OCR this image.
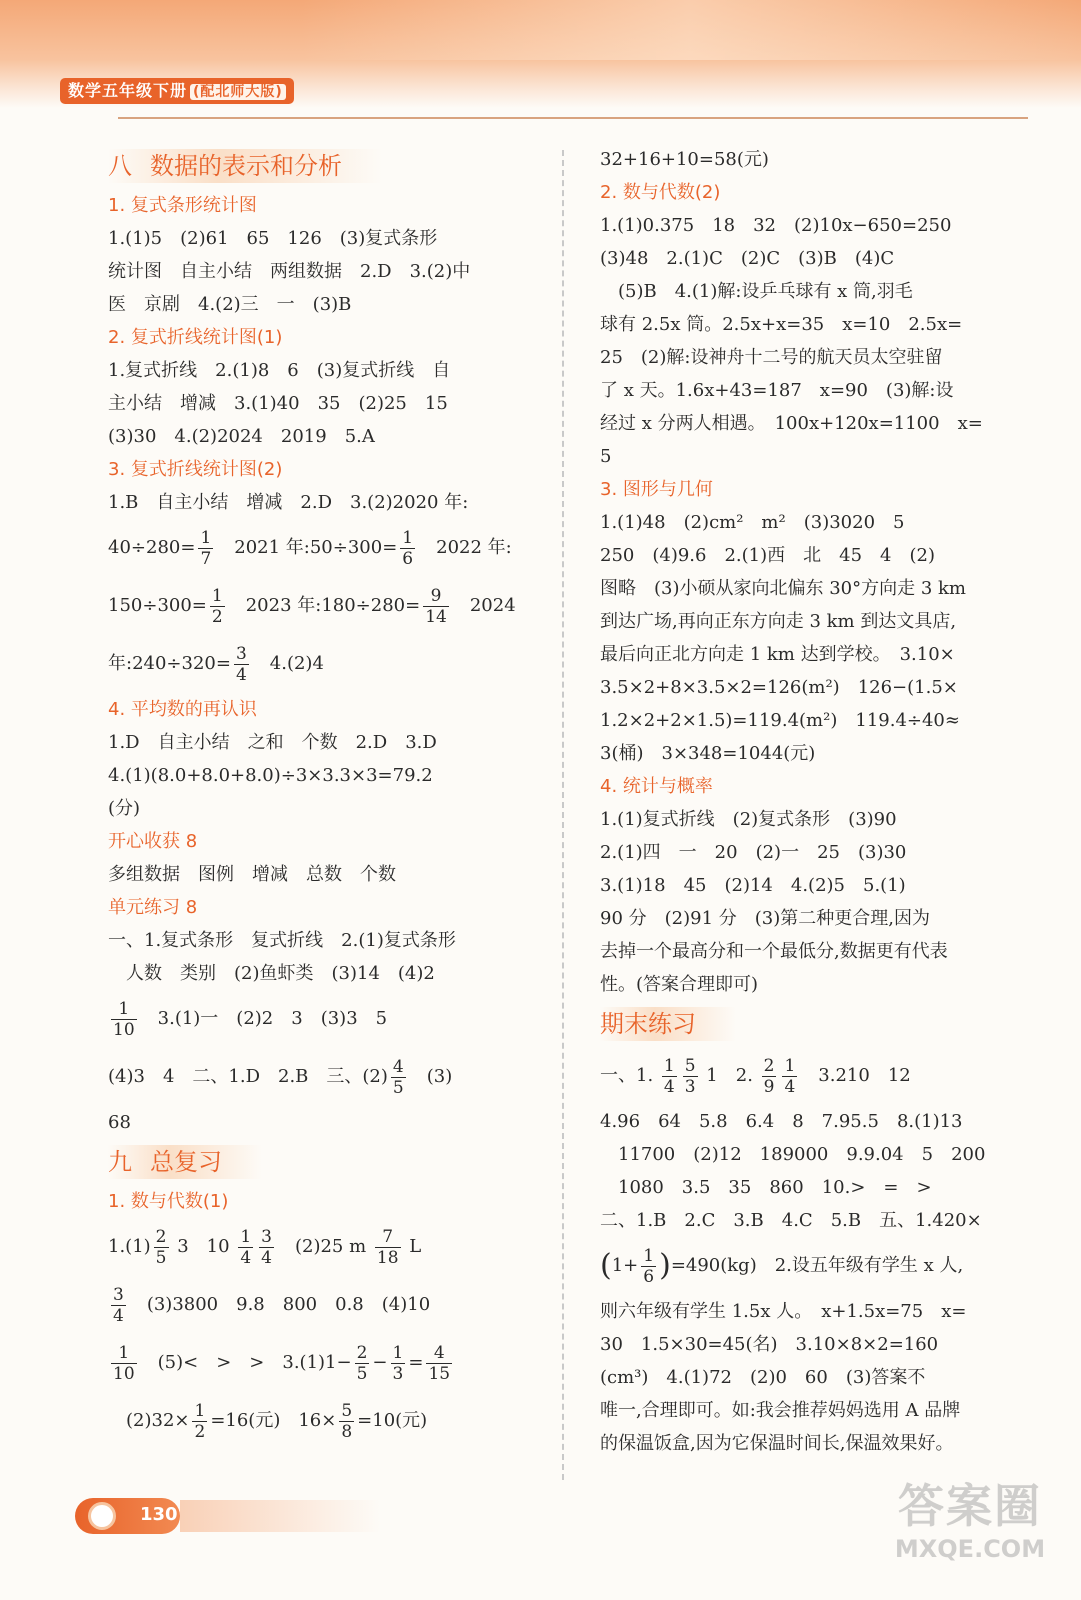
数学五年级下册 (配北师大版)
八 数据的表示和分析
1. 复式条形统计图
1.(1)5　(2)61　65　126　(3)复式条形
统计图　自主小结　两组数据　2.D　3.(2)中
医　京剧　4.(2)三　一　(3)B
2. 复式折线统计图(1)
1.复式折线　2.(1)8　6　(3)复式折线　自
主小结　增减　3.(1)40　35　(2)25　15
(3)30　4.(2)2024　2019　5.A
3. 复式折线统计图(2)
1.B　自主小结　增减　2.D　3.(2)2020 年:
$40\div 280= \frac{1}{7}$ 　2021 年:50÷300= $\frac{1}{6}$ 　2022 年:
$150\div 300= \frac{1}{2}$ 　2023 年:180÷280= $\frac{9}{14}$ 　2024
年:240÷320= $\frac{3}{4}$ 　4.(2)4
4. 平均数的再认识
1.D　自主小结　之和　个数　2.D　3.D
4.(1)(8.0+8.0+8.0)÷3×3.3×3=79.2
(分)
开心收获 8
多组数据　图例　增减　总数　个数
单元练习 8
一、1.复式条形　复式折线　2.(1)复式条形
　人数　类别　(2)鱼虾类　(3)14　(4)2
$\frac{1}{10}$ 　3.(1)一　(2)2　3　(3)3　5
(4)3　4　二、1.D　2.B　三、$(2) \frac{4}{5}$ 　(3)
68
九 总复习
1. 数与代数(1)
$1.(1) \frac{2}{5} 3$　$10 \frac{1}{4} \frac{3}{4}$ 　(2)25 m $\frac{7}{18}$ L
$\frac{3}{4}$ 　(3)3800　9.8　800　0.8　(4)10
$\frac{1}{10}$ 　(5)<　>　>　$3.(1)1- \frac{2}{5} - \frac{1}{3} = \frac{4}{15}$
　$(2)32\times \frac{1}{2} =16$(元)　$16\times \frac{5}{8} =10$(元)
32+16+10=58(元)
2. 数与代数(2)
1.(1)0.375　18　32　(2)10x−650=250
(3)48　2.(1)C　(2)C　(3)B　(4)C
　(5)B　4.(1)解:设乒乓球有 x 筒,羽毛
球有 2.5x 筒。2.5x+x=35　x=10　2.5x=
25　(2)解:设神舟十二号的航天员太空驻留
了 x 天。1.6x+43=187　x=90　(3)解:设
经过 x 分两人相遇。　100x+120x=1100　x=
5
3. 图形与几何
1.(1)48　(2)cm²　m²　(3)3020　5
250　(4)9.6　2.(1)西　北　45　4　(2)
图略　(3)小硕从家向北偏东 30°方向走 3 km
到达广场,再向正东方向走 3 km 到达文具店,
最后向正北方向走 1 km 达到学校。　3.10×
3.5×2+8×3.5×2=126(m²)　126−(1.5×
1.2×2+2×1.5)=119.4(m²)　119.4÷40≈
3(桶)　3×348=1044(元)
4. 统计与概率
1.(1)复式折线　(2)复式条形　(3)90
2.(1)四　一　20　(2)一　25　(3)30
3.(1)18　45　(2)14　4.(2)5　5.(1)
90 分　(2)91 分　(3)第二种更合理,因为
去掉一个最高分和一个最低分,数据更有代表
性。(答案合理即可)
期末练习
一、1. $\frac{1}{4} \frac{5}{3} 1$　2. $\frac{2}{9} \frac{1}{4}$ 　3.210　12
4.96　64　5.8　6.4　8　7.95.5　8.(1)13
　11700　(2)12　189000　9.9.04　5　200
　1080　3.5　35　860　10.>　=　>
二、1.B　2.C　3.B　4.C　5.B　五、1.420×
$(1+ \frac{1}{6} )=490(kg)$　2.设五年级有学生 x 人,
则六年级有学生 1.5x 人。　x+1.5x=75　x=
30　1.5×30=45(名)　3.10×8×2=160
(cm³)　4.(1)72　(2)0　60　(3)答案不
唯一,合理即可。如:我会推荐妈妈选用 A 品牌
的保温饭盒,因为它保温时间长,保温效果好。
130	答案圈
MXQE.COM
